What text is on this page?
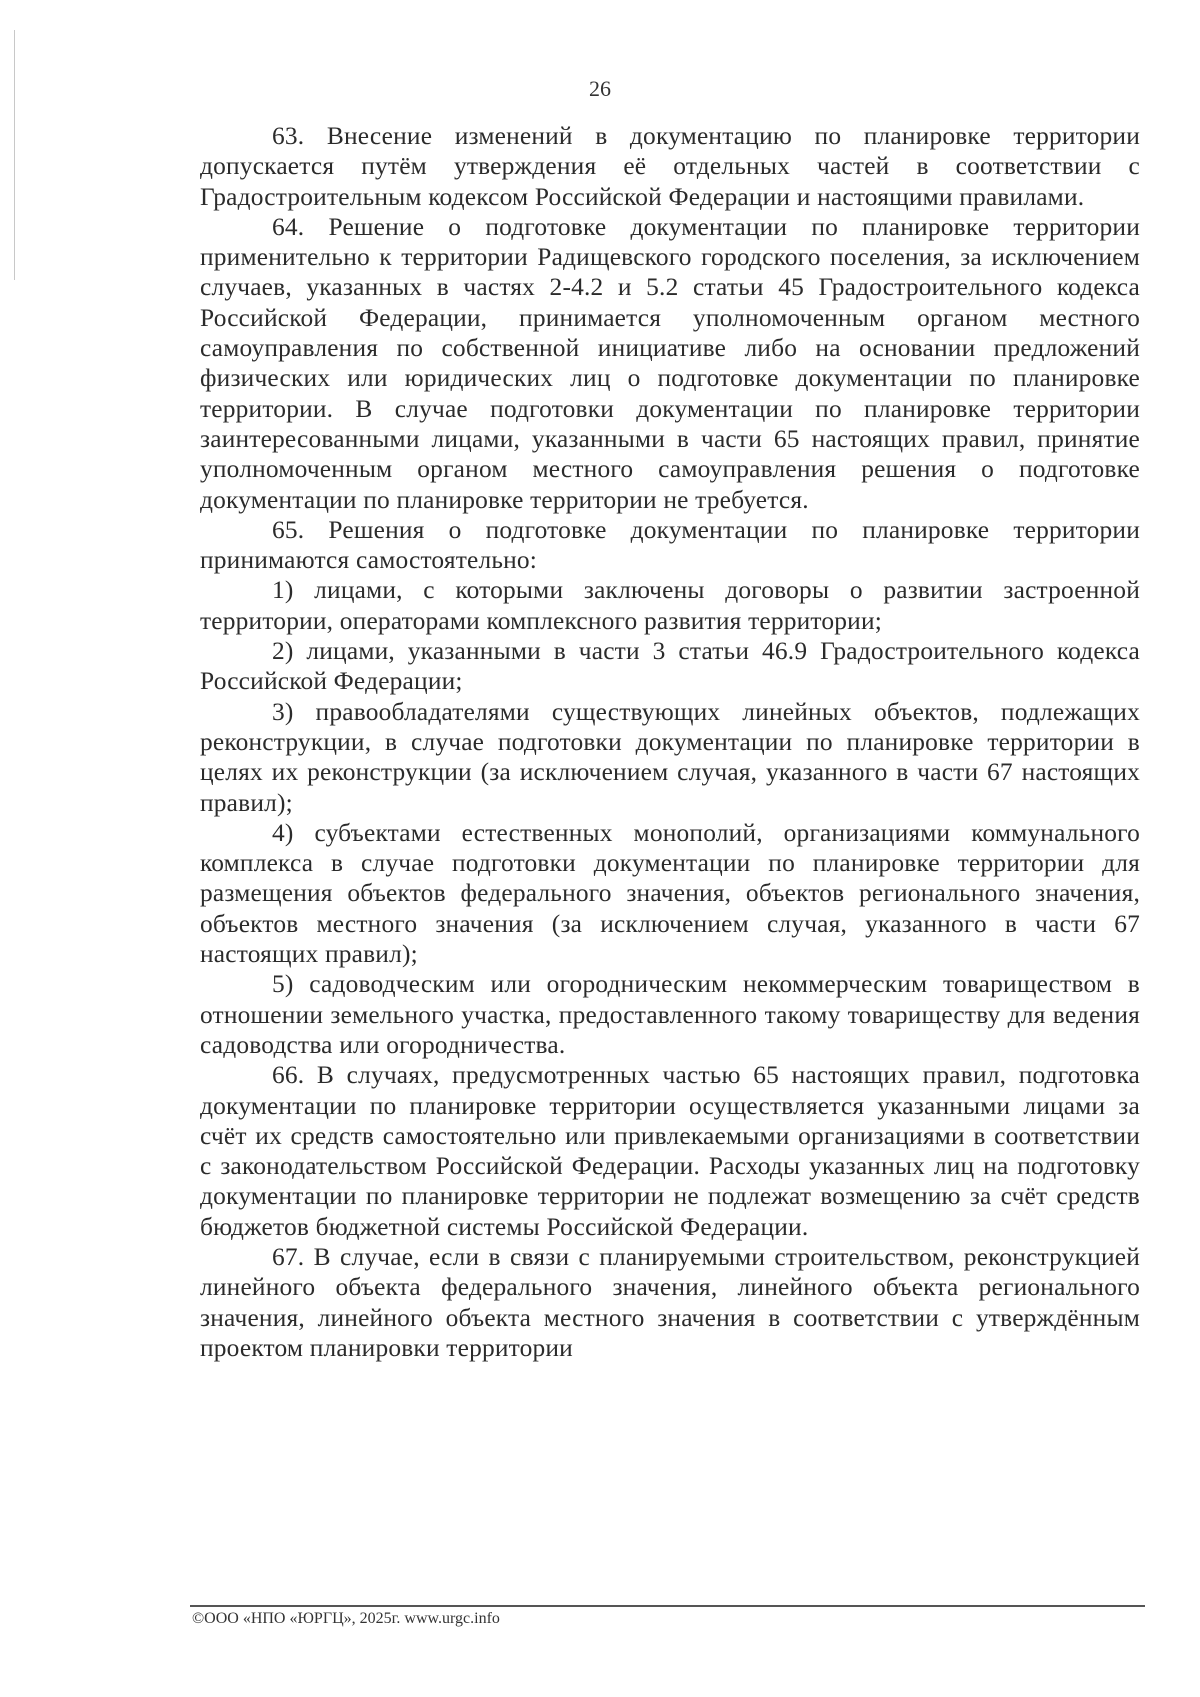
26

63. Внесение изменений в документацию по планировке территории допускается путём утверждения её отдельных частей в соответствии с Градостроительным кодексом Российской Федерации и настоящими правилами.

64. Решение о подготовке документации по планировке территории применительно к территории Радищевского городского поселения, за исключением случаев, указанных в частях 2-4.2 и 5.2 статьи 45 Градостроительного кодекса Российской Федерации, принимается уполномоченным органом местного самоуправления по собственной инициативе либо на основании предложений физических или юридических лиц о подготовке документации по планировке территории. В случае подготовки документации по планировке территории заинтересованными лицами, указанными в части 65 настоящих правил, принятие уполномоченным органом местного самоуправления решения о подготовке документации по планировке территории не требуется.

65. Решения о подготовке документации по планировке территории принимаются самостоятельно:

1) лицами, с которыми заключены договоры о развитии застроенной территории, операторами комплексного развития территории;

2) лицами, указанными в части 3 статьи 46.9 Градостроительного кодекса Российской Федерации;

3) правообладателями существующих линейных объектов, подлежащих реконструкции, в случае подготовки документации по планировке территории в целях их реконструкции (за исключением случая, указанного в части 67 настоящих правил);

4) субъектами естественных монополий, организациями коммунального комплекса в случае подготовки документации по планировке территории для размещения объектов федерального значения, объектов регионального значения, объектов местного значения (за исключением случая, указанного в части 67 настоящих правил);

5) садоводческим или огородническим некоммерческим товариществом в отношении земельного участка, предоставленного такому товариществу для ведения садоводства или огородничества.

66. В случаях, предусмотренных частью 65 настоящих правил, подготовка документации по планировке территории осуществляется указанными лицами за счёт их средств самостоятельно или привлекаемыми организациями в соответствии с законодательством Российской Федерации. Расходы указанных лиц на подготовку документации по планировке территории не подлежат возмещению за счёт средств бюджетов бюджетной системы Российской Федерации.

67. В случае, если в связи с планируемыми строительством, реконструкцией линейного объекта федерального значения, линейного объекта регионального значения, линейного объекта местного значения в соответствии с утверждённым проектом планировки территории

©ООО «НПО «ЮРГЦ», 2025г. www.urgc.info
